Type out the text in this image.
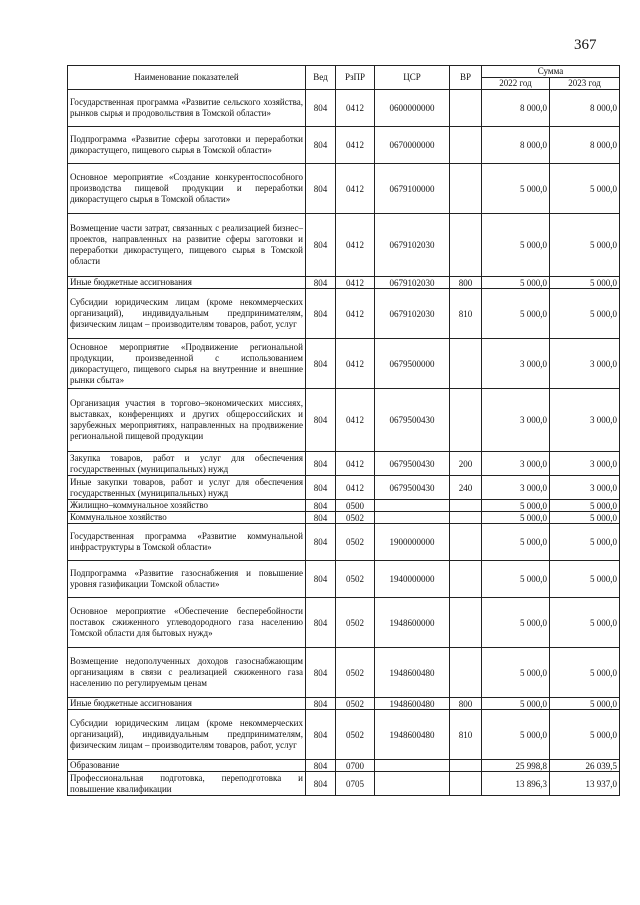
367
Наименование показателей	Вед	РзПР	ЦСР	ВР	Сумма	
					2022 год	2023 год
Государственная программа «Развитие сельского хозяйства, рынков сырья и продовольствия в Томской области»	804	0412	0600000000		8 000,0	8 000,0
Подпрограмма «Развитие сферы заготовки и переработки дикорастущего, пищевого сырья в Томской области»	804	0412	0670000000		8 000,0	8 000,0
Основное мероприятие «Создание конкурентоспособного производства пищевой продукции и переработки дикорастущего сырья в Томской области»	804	0412	0679100000		5 000,0	5 000,0
Возмещение части затрат, связанных с реализацией бизнес–проектов, направленных на развитие сферы заготовки и переработки дикорастущего, пищевого сырья в Томской области	804	0412	0679102030		5 000,0	5 000,0
Иные бюджетные ассигнования	804	0412	0679102030	800	5 000,0	5 000,0
Субсидии юридическим лицам (кроме некоммерческих организаций), индивидуальным предпринимателям, физическим лицам – производителям товаров, работ, услуг	804	0412	0679102030	810	5 000,0	5 000,0
Основное мероприятие «Продвижение региональной продукции, произведенной с использованием дикорастущего, пищевого сырья на внутренние и внешние рынки сбыта»	804	0412	0679500000		3 000,0	3 000,0
Организация участия в торгово–экономических миссиях, выставках, конференциях и других общероссийских и зарубежных мероприятиях, направленных на продвижение региональной пищевой продукции	804	0412	0679500430		3 000,0	3 000,0
Закупка товаров, работ и услуг для обеспечения государственных (муниципальных) нужд	804	0412	0679500430	200	3 000,0	3 000,0
Иные закупки товаров, работ и услуг для обеспечения государственных (муниципальных) нужд	804	0412	0679500430	240	3 000,0	3 000,0
Жилищно–коммунальное хозяйство	804	0500			5 000,0	5 000,0
Коммунальное хозяйство	804	0502			5 000,0	5 000,0
Государственная программа «Развитие коммунальной инфраструктуры в Томской области»	804	0502	1900000000		5 000,0	5 000,0
Подпрограмма «Развитие газоснабжения и повышение уровня газификации Томской области»	804	0502	1940000000		5 000,0	5 000,0
Основное мероприятие «Обеспечение бесперебойности поставок сжиженного углеводородного газа населению Томской области для бытовых нужд»	804	0502	1948600000		5 000,0	5 000,0
Возмещение недополученных доходов газоснабжающим организациям в связи с реализацией сжиженного газа населению по регулируемым ценам	804	0502	1948600480		5 000,0	5 000,0
Иные бюджетные ассигнования	804	0502	1948600480	800	5 000,0	5 000,0
Субсидии юридическим лицам (кроме некоммерческих организаций), индивидуальным предпринимателям, физическим лицам – производителям товаров, работ, услуг	804	0502	1948600480	810	5 000,0	5 000,0
Образование	804	0700			25 998,8	26 039,5
Профессиональная подготовка, переподготовка и повышение квалификации	804	0705			13 896,3	13 937,0
